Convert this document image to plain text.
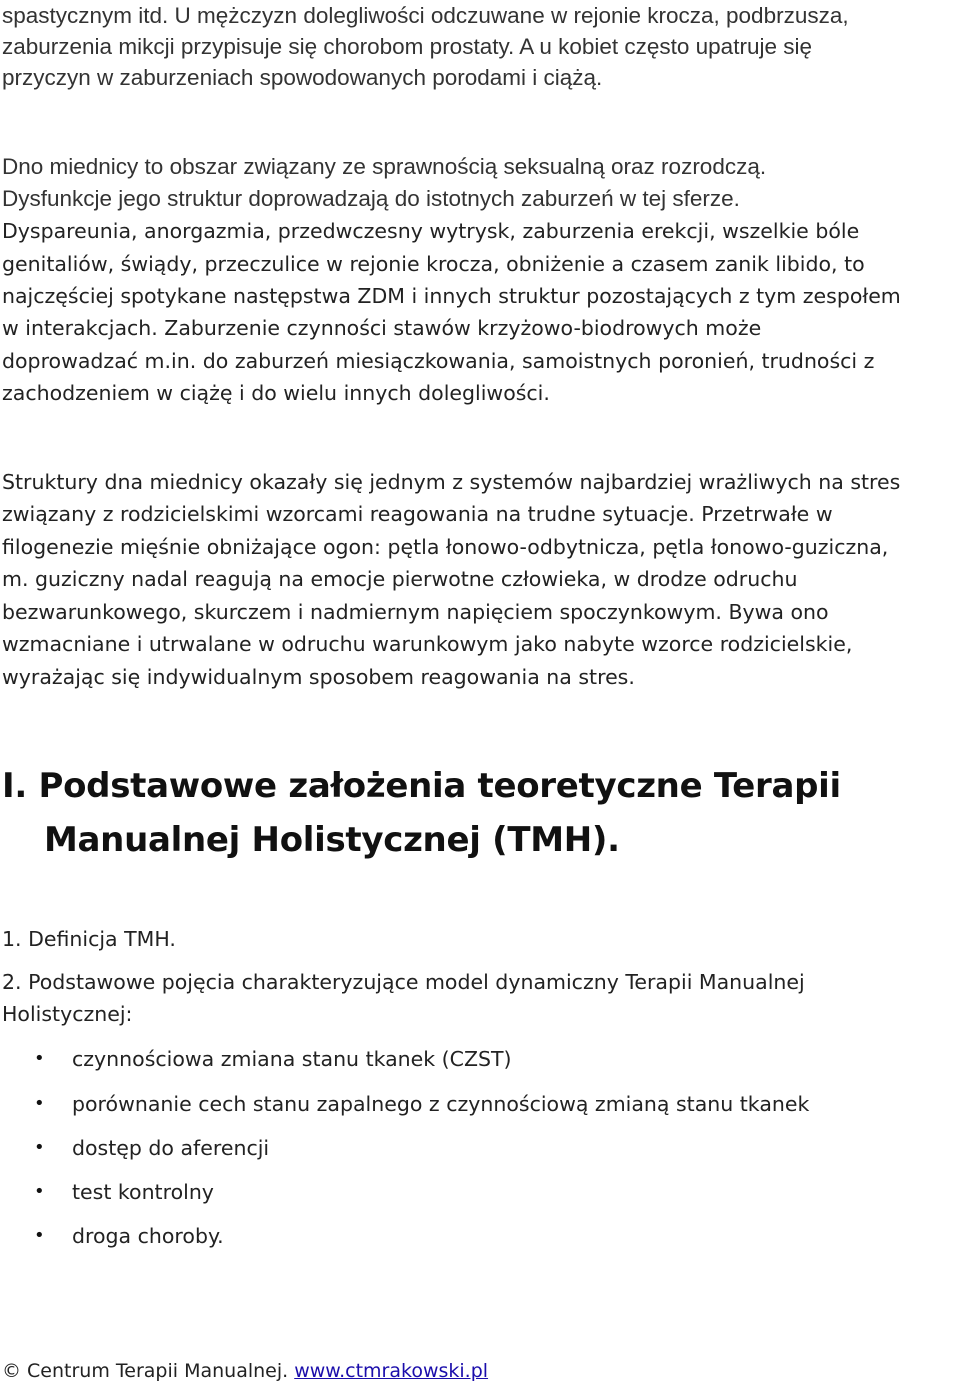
spastycznym itd. U mężczyzn dolegliwości odczuwane w rejonie krocza, podbrzusza,
zaburzenia mikcji przypisuje się chorobom prostaty. A u kobiet często upatruje się
przyczyn w zaburzeniach spowodowanych porodami i ciążą.
Dno miednicy to obszar związany ze sprawnością seksualną oraz rozrodczą.
Dysfunkcje jego struktur doprowadzają do istotnych zaburzeń w tej sferze.
Dyspareunia, anorgazmia, przedwczesny wytrysk, zaburzenia erekcji, wszelkie bóle
genitaliów, świądy, przeczulice w rejonie krocza, obniżenie a czasem zanik libido, to
najczęściej spotykane następstwa ZDM i innych struktur pozostających z tym zespołem
w interakcjach. Zaburzenie czynności stawów krzyżowo-biodrowych może
doprowadzać m.in. do zaburzeń miesiączkowania, samoistnych poronień, trudności z
zachodzeniem w ciążę i do wielu innych dolegliwości.
Struktury dna miednicy okazały się jednym z systemów najbardziej wrażliwych na stres
związany z rodzicielskimi wzorcami reagowania na trudne sytuacje. Przetrwałe w
filogenezie mięśnie obniżające ogon: pętla łonowo-odbytnicza, pętla łonowo-guziczna,
m. guziczny nadal reagują na emocje pierwotne człowieka, w drodze odruchu
bezwarunkowego, skurczem i nadmiernym napięciem spoczynkowym. Bywa ono
wzmacniane i utrwalane w odruchu warunkowym jako nabyte wzorce rodzicielskie,
wyrażając się indywidualnym sposobem reagowania na stres.
I. Podstawowe założenia teoretyczne Terapii
Manualnej Holistycznej (TMH).
1. Definicja TMH.
2. Podstawowe pojęcia charakteryzujące model dynamiczny Terapii Manualnej
Holistycznej:
• czynnościowa zmiana stanu tkanek (CZST)
• porównanie cech stanu zapalnego z czynnościową zmianą stanu tkanek
• dostęp do aferencji
• test kontrolny
• droga choroby.
© Centrum Terapii Manualnej. www.ctmrakowski.pl
